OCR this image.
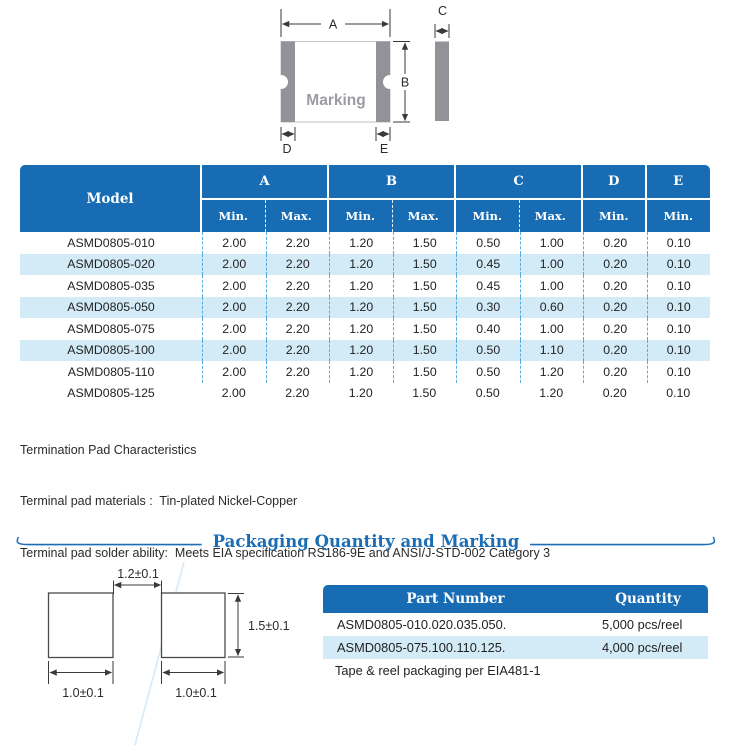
A
Marking
B
C
D	E
Model
A	B	C	D	E
Min.	Max.	Min.	Max.	Min.	Max.	Min.	Min.
ASMD0805-010	2.00	2.20	1.20	1.50	0.50	1.00	0.20	0.10
ASMD0805-020	2.00	2.20	1.20	1.50	0.45	1.00	0.20	0.10
ASMD0805-035	2.00	2.20	1.20	1.50	0.45	1.00	0.20	0.10
ASMD0805-050	2.00	2.20	1.20	1.50	0.30	0.60	0.20	0.10
ASMD0805-075	2.00	2.20	1.20	1.50	0.40	1.00	0.20	0.10
ASMD0805-100	2.00	2.20	1.20	1.50	0.50	1.10	0.20	0.10
ASMD0805-110	2.00	2.20	1.20	1.50	0.50	1.20	0.20	0.10
ASMD0805-125	2.00	2.20	1.20	1.50	0.50	1.20	0.20	0.10

Termination Pad Characteristics

Terminal pad materials :  Tin-plated Nickel-Copper

Terminal pad solder ability:  Meets EIA specification RS186-9E and ANSI/J-STD-002 Category 3

Packaging Quantity and Marking
1.2±0.1
1.5±0.1
1.0±0.1	1.0±0.1
Part Number	Quantity
ASMD0805-010.020.035.050.	5,000 pcs/reel
ASMD0805-075.100.110.125.	4,000 pcs/reel
Tape & reel packaging per EIA481-1
